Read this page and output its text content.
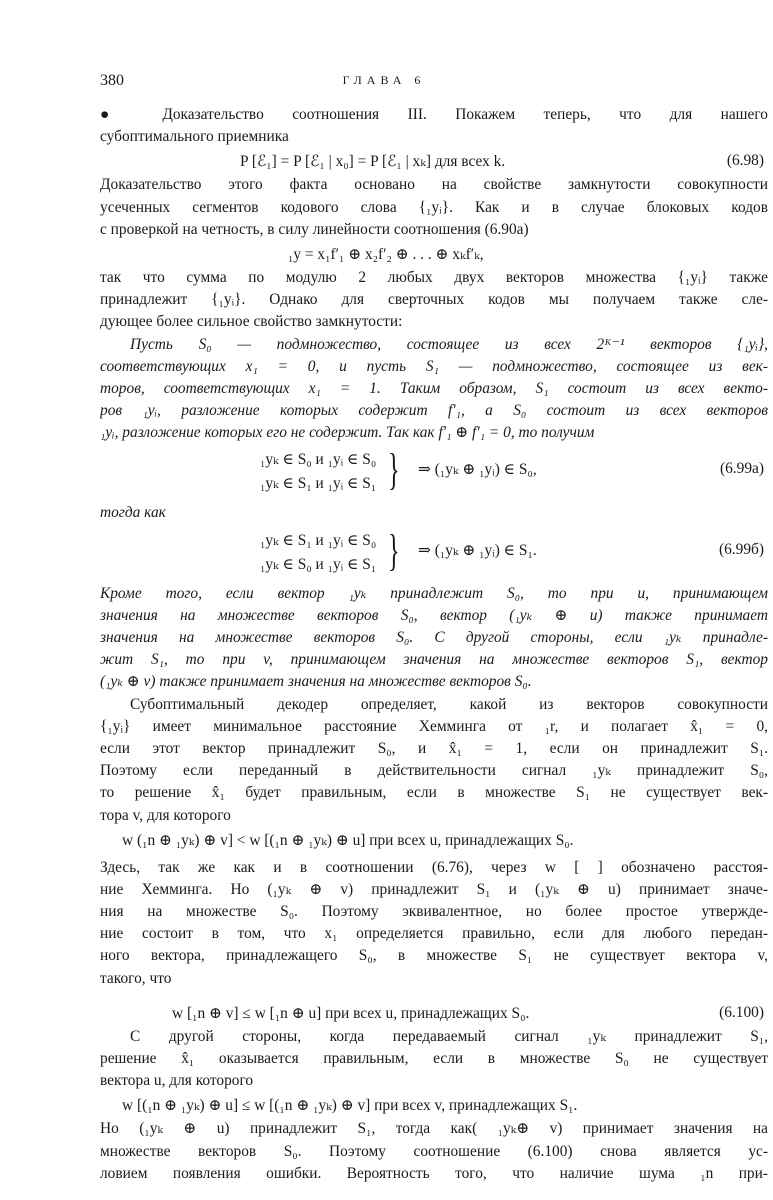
380	ГЛАВА 6
● Доказательство соотношения III. Покажем теперь, что для нашего
субоптимального приемника
P [ℰ₁] = P [ℰ₁ | x₀] = P [ℰ₁ | xₖ] для всех k.	(6.98)
Доказательство этого факта основано на свойстве замкнутости совокупности
усеченных сегментов кодового слова {₁yᵢ}. Как и в случае блоковых кодов
с проверкой на четность, в силу линейности соотношения (6.90а)
₁y = x₁f′₁ ⊕ x₂f′₂ ⊕ . . . ⊕ xₖf′ₖ,
так что сумма по модулю 2 любых двух векторов множества {₁yᵢ} также
принадлежит {₁yᵢ}. Однако для сверточных кодов мы получаем также сле-
дующее более сильное свойство замкнутости:
Пусть S₀ — подмножество, состоящее из всех 2ᴷ⁻¹ векторов {₁yᵢ},
соответствующих x₁ = 0, и пусть S₁ — подмножество, состоящее из век-
торов, соответствующих x₁ = 1. Таким образом, S₁ состоит из всех векто-
ров ₁yᵢ, разложение которых содержит f′₁, а S₀ состоит из всех векторов
₁yᵢ, разложение которых его не содержит. Так как f′₁ ⊕ f′₁ = 0, то получим
₁yₖ ∈ S₀ и ₁yᵢ ∈ S₀
₁yₖ ∈ S₁ и ₁yᵢ ∈ S₁ } ⇒ (₁yₖ ⊕ ₁yᵢ) ∈ S₀,	(6.99а)
тогда как
₁yₖ ∈ S₁ и ₁yᵢ ∈ S₀
₁yₖ ∈ S₀ и ₁yᵢ ∈ S₁ } ⇒ (₁yₖ ⊕ ₁yᵢ) ∈ S₁.	(6.99б)
Кроме того, если вектор ₁yₖ принадлежит S₀, то при u, принимающем
значения на множестве векторов S₀, вектор (₁yₖ ⊕ u) также принимает
значения на множестве векторов S₀. С другой стороны, если ₁yₖ принадле-
жит S₁, то при v, принимающем значения на множестве векторов S₁, вектор
(₁yₖ ⊕ v) также принимает значения на множестве векторов S₀.
Субоптимальный декодер определяет, какой из векторов совокупности
{₁yᵢ} имеет минимальное расстояние Хемминга от ₁r, и полагает x̂₁ = 0,
если этот вектор принадлежит S₀, и x̂₁ = 1, если он принадлежит S₁.
Поэтому если переданный в действительности сигнал ₁yₖ принадлежит S₀,
то решение x̂₁ будет правильным, если в множестве S₁ не существует век-
тора v, для которого
w (₁n ⊕ ₁yₖ) ⊕ v] < w [(₁n ⊕ ₁yₖ) ⊕ u] при всех u, принадлежащих S₀.
Здесь, так же как и в соотношении (6.76), через w [ ] обозначено расстоя-
ние Хемминга. Но (₁yₖ ⊕ v) принадлежит S₁ и (₁yₖ ⊕ u) принимает значе-
ния на множестве S₀. Поэтому эквивалентное, но более простое утвержде-
ние состоит в том, что x₁ определяется правильно, если для любого передан-
ного вектора, принадлежащего S₀, в множестве S₁ не существует вектора v,
такого, что
w [₁n ⊕ v] ≤ w [₁n ⊕ u] при всех u, принадлежащих S₀.	(6.100)
С другой стороны, когда передаваемый сигнал ₁yₖ принадлежит S₁,
решение x̂₁ оказывается правильным, если в множестве S₀ не существует
вектора u, для которого
w [(₁n ⊕ ₁yₖ) ⊕ u] ≤ w [(₁n ⊕ ₁yₖ) ⊕ v] при всех v, принадлежащих S₁.
Но (₁yₖ ⊕ u) принадлежит S₁, тогда как( ₁yₖ⊕ v) принимает значения на
множестве векторов S₀. Поэтому соотношение (6.100) снова является ус-
ловием появления ошибки. Вероятность того, что наличие шума ₁n при-
